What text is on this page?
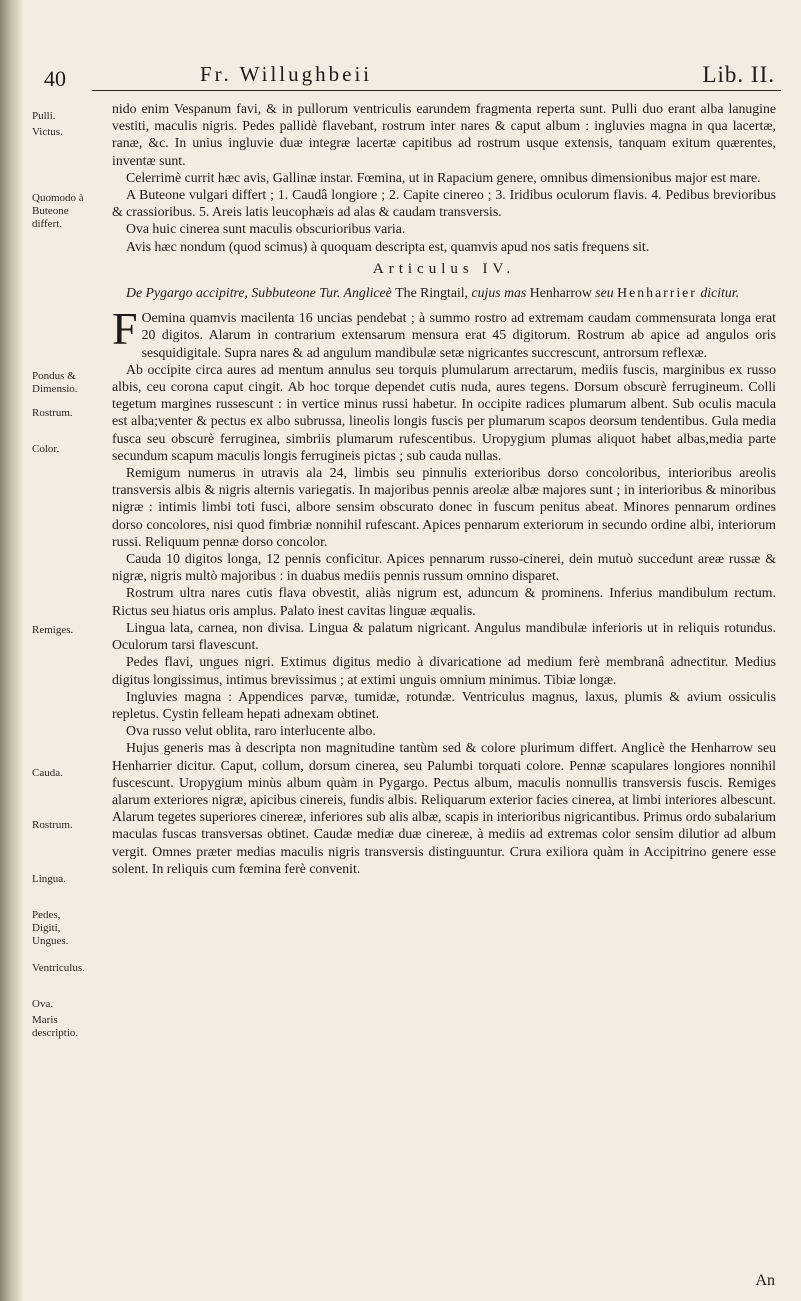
40	Fr. Willughbeii	Lib. II.
Pulli.
Victus.
Quomodo à Buteone differt.
Pondus & Dimensio.
Rostrum.
Color.
Remiges.
Cauda.
Rostrum.
Lingua.
Pedes, Digiti, Ungues.
Ventriculus.
Ova.
Maris descriptio.

nido enim Vespanum favi, & in pullorum ventriculis earundem fragmenta reperta sunt. Pulli duo erant alba lanugine vestiti, maculis nigris. Pedes pallidè flavebant, rostrum inter nares & caput album : ingluvies magna in qua lacertæ, ranæ, &c. In unius ingluvie duæ integræ lacertæ capitibus ad rostrum usque extensis, tanquam exitum quærentes, inventæ sunt.

Celerrimè currit hæc avis, Gallinæ instar. Fœmina, ut in Rapacium genere, omnibus dimensionibus major est mare.

A Buteone vulgari differt ; 1. Caudâ longiore ; 2. Capite cinereo ; 3. Iridibus oculorum flavis. 4. Pedibus brevioribus & crassioribus. 5. Areis latis leucophæis ad alas & caudam transversis.

Ova huic cinerea sunt maculis obscurioribus varia.

Avis hæc nondum (quod scimus) à quoquam descripta est, quamvis apud nos satis frequens sit.

Articulus IV.

De Pygargo accipitre, Subbuteone Tur. Angliceè The Ringtail, cujus mas Henharrow seu Henharrier dicitur.

F Oemina quamvis macilenta 16 uncias pendebat ; à summo rostro ad extremam caudam commensurata longa erat 20 digitos. Alarum in contrarium extensarum mensura erat 45 digitorum. Rostrum ab apice ad angulos oris sesquidigitale. Supra nares & ad angulum mandibulæ setæ nigricantes succrescunt, antrorsum reflexæ.

Ab occipite circa aures ad mentum annulus seu torquis plumularum arrectarum, mediis fuscis, marginibus ex russo albis, ceu corona caput cingit. Ab hoc torque dependet cutis nuda, aures tegens. Dorsum obscurè ferrugineum. Colli tegetum margines russescunt : in vertice minus russi habetur. In occipite radices plumarum albent. Sub oculis macula est alba;venter & pectus ex albo subrussa, lineolis longis fuscis per plumarum scapos deorsum tendentibus. Gula media fusca seu obscurè ferruginea, simbriis plumarum rufescentibus. Uropygium plumas aliquot habet albas,media parte secundum scapum maculis longis ferrugineis pictas ; sub cauda nullas.

Remigum numerus in utravis ala 24, limbis seu pinnulis exterioribus dorso concoloribus, interioribus areolis transversis albis & nigris alternis variegatis. In majoribus pennis areolæ albæ majores sunt ; in interioribus & minoribus nigræ : intimis limbi toti fusci, albore sensim obscurato donec in fuscum penitus abeat. Minores pennarum ordines dorso concolores, nisi quod fimbriæ nonnihil rufescant. Apices pennarum exteriorum in secundo ordine albi, interiorum russi. Reliquum pennæ dorso concolor.

Cauda 10 digitos longa, 12 pennis conficitur. Apices pennarum russo-cinerei, dein mutuò succedunt areæ russæ & nigræ, nigris multò majoribus : in duabus mediis pennis russum omnino disparet.

Rostrum ultra nares cutis flava obvestit, aliàs nigrum est, aduncum & prominens. Inferius mandibulum rectum. Rictus seu hiatus oris amplus. Palato inest cavitas linguæ æqualis.

Lingua lata, carnea, non divisa. Lingua & palatum nigricant. Angulus mandibulæ inferioris ut in reliquis rotundus. Oculorum tarsi flavescunt.

Pedes flavi, ungues nigri. Extimus digitus medio à divaricatione ad medium ferè membranâ adnectitur. Medius digitus longissimus, intimus brevissimus ; at extimi unguis omnium minimus. Tibiæ longæ.

Ingluvies magna : Appendices parvæ, tumidæ, rotundæ. Ventriculus magnus, laxus, plumis & avium ossiculis repletus. Cystin felleam hepati adnexam obtinet.

Ova russo velut oblita, raro interlucente albo.

Hujus generis mas à descripta non magnitudine tantùm sed & colore plurimum differt. Anglicè the Henharrow seu Henharrier dicitur. Caput, collum, dorsum cinerea, seu Palumbi torquati colore. Pennæ scapulares longiores nonnihil fuscescunt. Uropygium minùs album quàm in Pygargo. Pectus album, maculis nonnullis transversis fuscis. Remiges alarum exteriores nigræ, apicibus cinereis, fundis albis. Reliquarum exterior facies cinerea, at limbi interiores albescunt. Alarum tegetes superiores cinereæ, inferiores sub alis albæ, scapis in interioribus nigricantibus. Primus ordo subalarium maculas fuscas transversas obtinet. Caudæ mediæ duæ cinereæ, à mediis ad extremas color sensim dilutior ad album vergit. Omnes præter medias maculis nigris transversis distinguuntur. Crura exiliora quàm in Accipitrino genere esse solent. In reliquis cum fœmina ferè convenit.

An
